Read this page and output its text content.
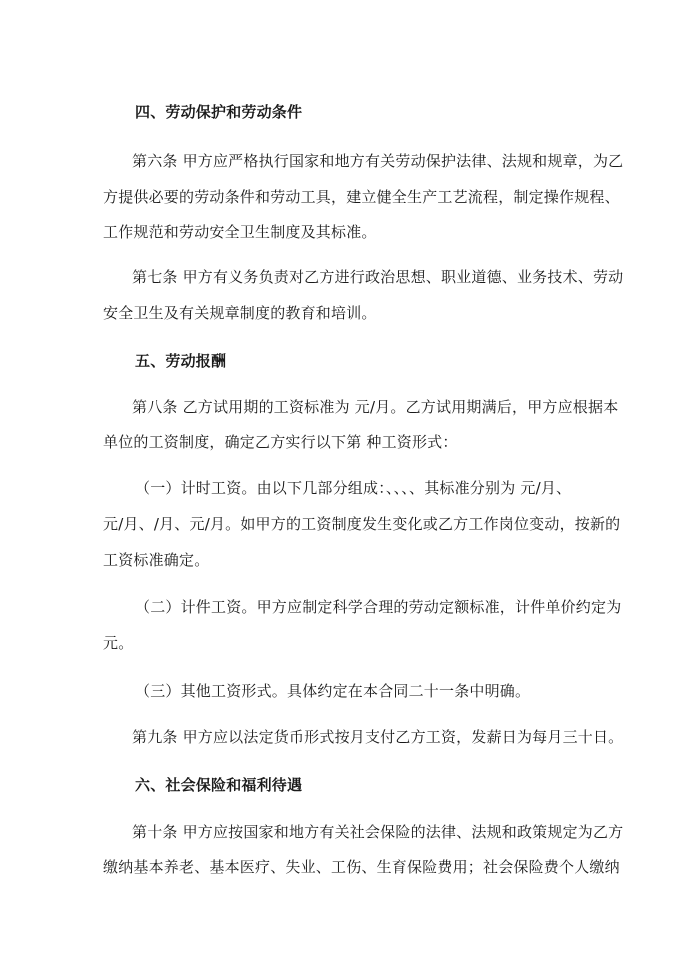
四、劳动保护和劳动条件
第六条 甲方应严格执行国家和地方有关劳动保护法律、法规和规章，为乙
方提供必要的劳动条件和劳动工具，建立健全生产工艺流程，制定操作规程、
工作规范和劳动安全卫生制度及其标准。
第七条 甲方有义务负责对乙方进行政治思想、职业道德、业务技术、劳动
安全卫生及有关规章制度的教育和培训。
五、劳动报酬
第八条 乙方试用期的工资标准为 元/月。乙方试用期满后，甲方应根据本
单位的工资制度，确定乙方实行以下第 种工资形式：
（一）计时工资。由以下几部分组成：、、、、其标准分别为 元/月、
元/月、/月、元/月。如甲方的工资制度发生变化或乙方工作岗位变动，按新的
工资标准确定。
（二）计件工资。甲方应制定科学合理的劳动定额标准，计件单价约定为
元。
（三）其他工资形式。具体约定在本合同二十一条中明确。
第九条 甲方应以法定货币形式按月支付乙方工资，发薪日为每月三十日。
六、社会保险和福利待遇
第十条 甲方应按国家和地方有关社会保险的法律、法规和政策规定为乙方
缴纳基本养老、基本医疗、失业、工伤、生育保险费用；社会保险费个人缴纳
